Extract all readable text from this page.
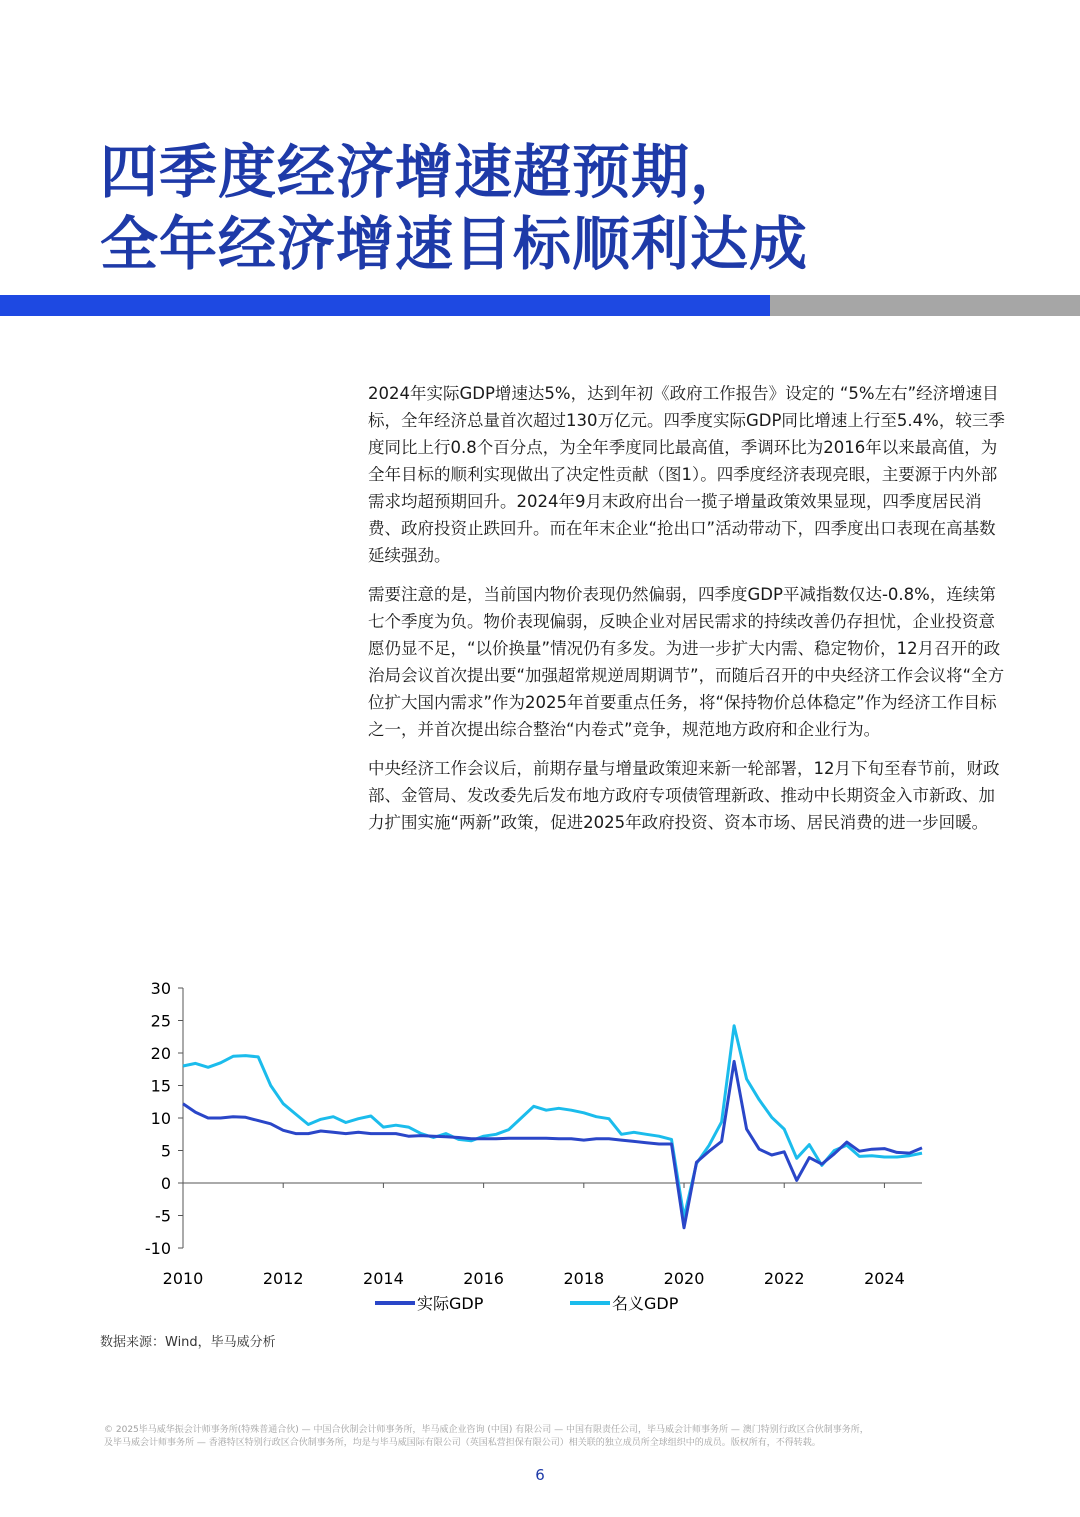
四季度经济增速超预期，
全年经济增速目标顺利达成

2024年实际GDP增速达5%，达到年初《政府工作报告》设定的 “5%左右”经济增速目标，全年经济总量首次超过130万亿元。四季度实际GDP同比增速上行至5.4%，较三季度同比上行0.8个百分点，为全年季度同比最高值，季调环比为2016年以来最高值，为全年目标的顺利实现做出了决定性贡献（图1）。四季度经济表现亮眼，主要源于内外部需求均超预期回升。2024年9月末政府出台一揽子增量政策效果显现，四季度居民消费、政府投资止跌回升。而在年末企业“抢出口”活动带动下，四季度出口表现在高基数延续强劲。

需要注意的是，当前国内物价表现仍然偏弱，四季度GDP平减指数仅达-0.8%，连续第七个季度为负。物价表现偏弱，反映企业对居民需求的持续改善仍存担忧，企业投资意愿仍显不足，“以价换量”情况仍有多发。为进一步扩大内需、稳定物价，12月召开的政治局会议首次提出要“加强超常规逆周期调节”，而随后召开的中央经济工作会议将“全方位扩大国内需求”作为2025年首要重点任务，将“保持物价总体稳定”作为经济工作目标之一，并首次提出综合整治“内卷式”竞争，规范地方政府和企业行为。

中央经济工作会议后，前期存量与增量政策迎来新一轮部署，12月下旬至春节前，财政部、金管局、发改委先后发布地方政府专项债管理新政、推动中长期资金入市新政、加力扩围实施“两新”政策，促进2025年政府投资、资本市场、居民消费的进一步回暖。

30
25
20
15
10
5
0
-5
-10
2010	2012	2014	2016	2018	2020	2022	2024
实际GDP	名义GDP
数据来源：Wind，毕马威分析
© 2025毕马威华振会计师事务所(特殊普通合伙) — 中国合伙制会计师事务所，毕马威企业咨询 (中国) 有限公司 — 中国有限责任公司，毕马威会计师事务所 — 澳门特别行政区合伙制事务所，
及毕马威会计师事务所 — 香港特区特别行政区合伙制事务所，均是与毕马威国际有限公司（英国私营担保有限公司）相关联的独立成员所全球组织中的成员。版权所有，不得转载。
6
